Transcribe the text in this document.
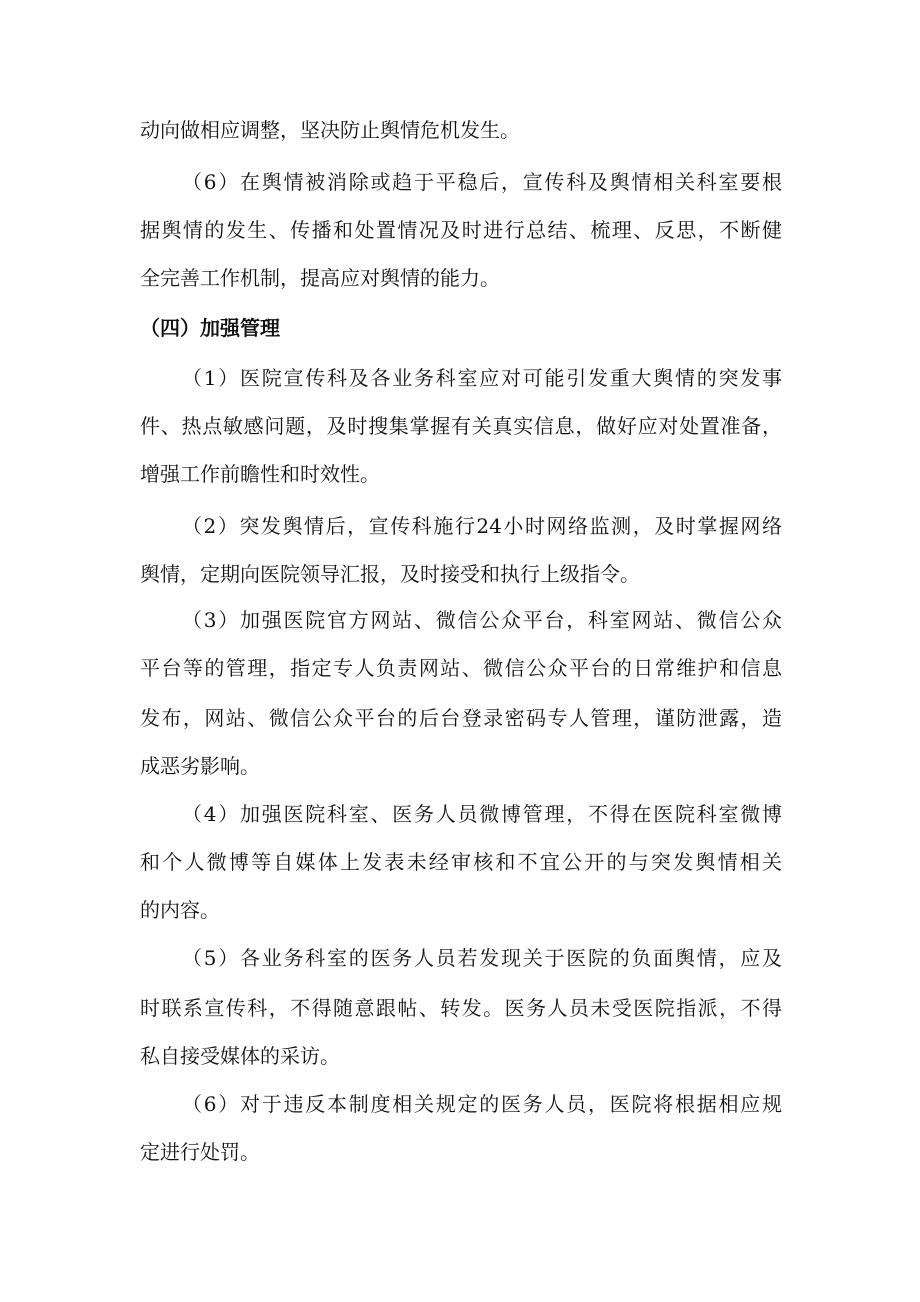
动向做相应调整，坚决防止舆情危机发生。
（6）在舆情被消除或趋于平稳后，宣传科及舆情相关科室要根
据舆情的发生、传播和处置情况及时进行总结、梳理、反思，不断健
全完善工作机制，提高应对舆情的能力。
（四）加强管理
（1）医院宣传科及各业务科室应对可能引发重大舆情的突发事
件、热点敏感问题，及时搜集掌握有关真实信息，做好应对处置准备，
增强工作前瞻性和时效性。
（2）突发舆情后，宣传科施行24小时网络监测，及时掌握网络
舆情，定期向医院领导汇报，及时接受和执行上级指令。
（3）加强医院官方网站、微信公众平台，科室网站、微信公众
平台等的管理，指定专人负责网站、微信公众平台的日常维护和信息
发布，网站、微信公众平台的后台登录密码专人管理，谨防泄露，造
成恶劣影响。
（4）加强医院科室、医务人员微博管理，不得在医院科室微博
和个人微博等自媒体上发表未经审核和不宜公开的与突发舆情相关
的内容。
（5）各业务科室的医务人员若发现关于医院的负面舆情，应及
时联系宣传科，不得随意跟帖、转发。医务人员未受医院指派，不得
私自接受媒体的采访。
（6）对于违反本制度相关规定的医务人员，医院将根据相应规
定进行处罚。
